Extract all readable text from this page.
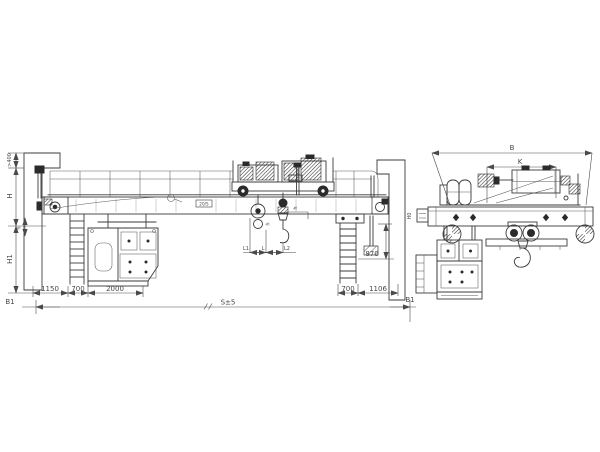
20/5
L1	L	L2
h
h
870
1150 700	2000	700 1106
B1	B1
S±5
>400
H
h
H1
B
K
H0
